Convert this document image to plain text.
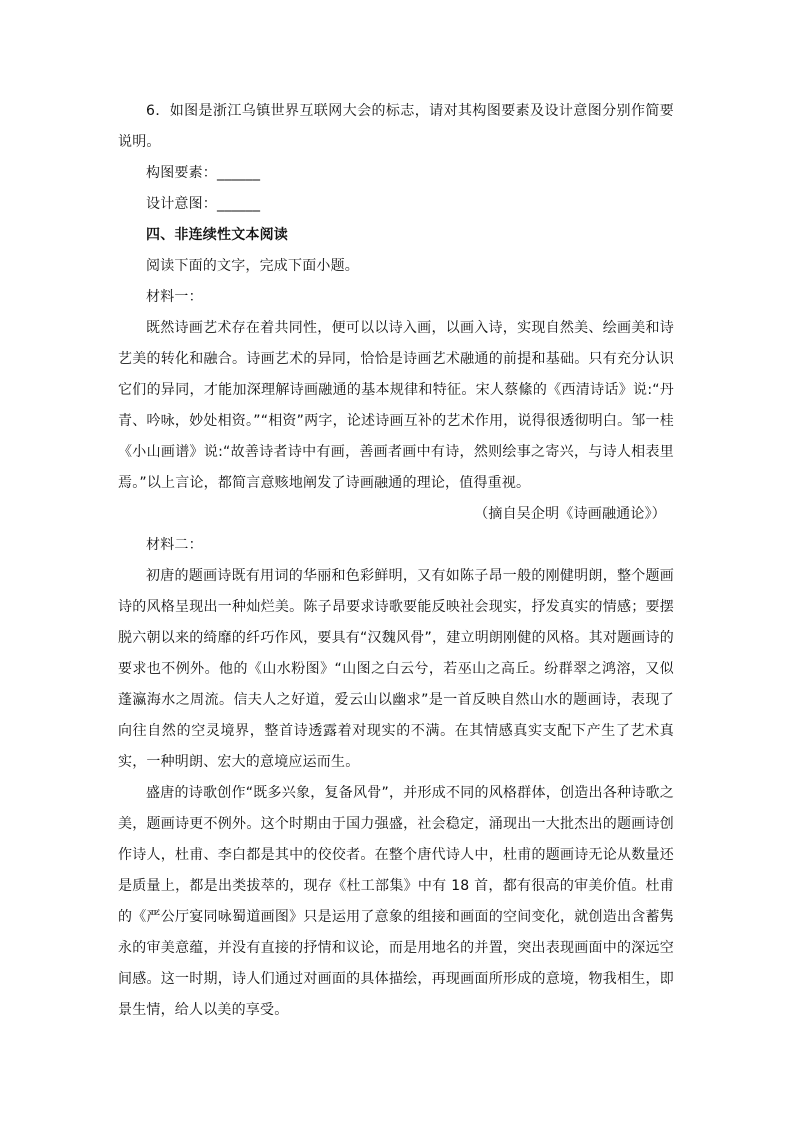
6．如图是浙江乌镇世界互联网大会的标志，请对其构图要素及设计意图分别作简要说明。

构图要素：______

设计意图：______

四、非连续性文本阅读

阅读下面的文字，完成下面小题。

材料一：

既然诗画艺术存在着共同性，便可以以诗入画，以画入诗，实现自然美、绘画美和诗艺美的转化和融合。诗画艺术的异同，恰恰是诗画艺术融通的前提和基础。只有充分认识它们的异同，才能加深理解诗画融通的基本规律和特征。宋人蔡絛的《西清诗话》说:“丹青、吟咏，妙处相资。”“相资”两字，论述诗画互补的艺术作用，说得很透彻明白。邹一桂《小山画谱》说:“故善诗者诗中有画，善画者画中有诗，然则绘事之寄兴，与诗人相表里焉。”以上言论，都简言意赅地阐发了诗画融通的理论，值得重视。

（摘自吴企明《诗画融通论》）

材料二：

初唐的题画诗既有用词的华丽和色彩鲜明，又有如陈子昂一般的刚健明朗，整个题画诗的风格呈现出一种灿烂美。陈子昂要求诗歌要能反映社会现实，抒发真实的情感；要摆脱六朝以来的绮靡的纤巧作风，要具有“汉魏风骨”，建立明朗刚健的风格。其对题画诗的要求也不例外。他的《山水粉图》“山图之白云兮，若巫山之高丘。纷群翠之鸿溶，又似蓬瀛海水之周流。信夫人之好道，爱云山以幽求”是一首反映自然山水的题画诗，表现了向往自然的空灵境界，整首诗透露着对现实的不满。在其情感真实支配下产生了艺术真实，一种明朗、宏大的意境应运而生。

盛唐的诗歌创作“既多兴象，复备风骨”，并形成不同的风格群体，创造出各种诗歌之美，题画诗更不例外。这个时期由于国力强盛，社会稳定，涌现出一大批杰出的题画诗创作诗人，杜甫、李白都是其中的佼佼者。在整个唐代诗人中，杜甫的题画诗无论从数量还是质量上，都是出类拔萃的，现存《杜工部集》中有 18 首，都有很高的审美价值。杜甫的《严公厅宴同咏蜀道画图》只是运用了意象的组接和画面的空间变化，就创造出含蓄隽永的审美意蕴，并没有直接的抒情和议论，而是用地名的并置，突出表现画面中的深远空间感。这一时期，诗人们通过对画面的具体描绘，再现画面所形成的意境，物我相生，即景生情，给人以美的享受。
